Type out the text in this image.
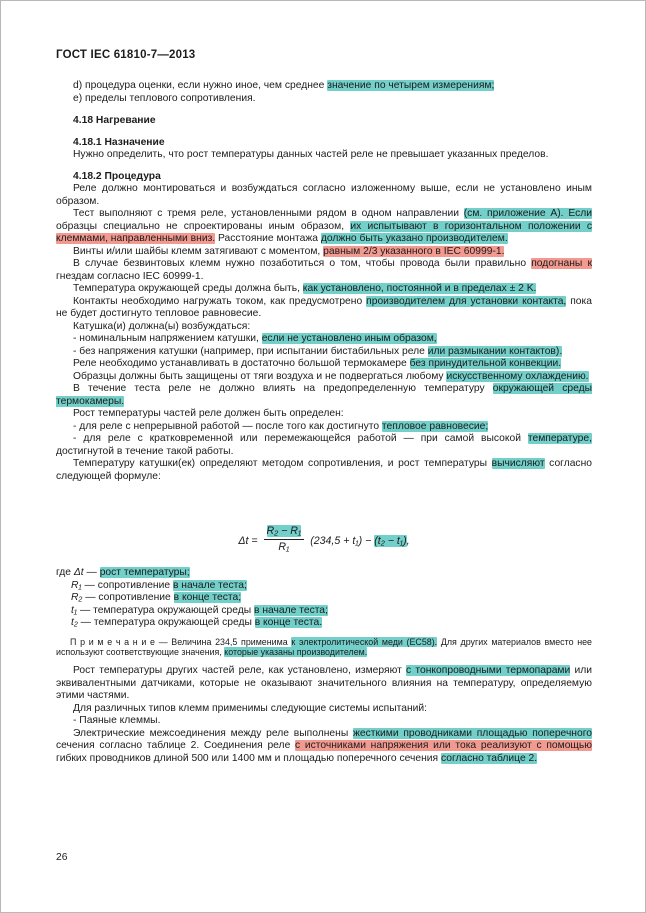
ГОСТ IEC 61810-7—2013

d) процедура оценки, если нужно иное, чем среднее значение по четырем измерениям;

е) пределы теплового сопротивления.

4.18 Нагревание

4.18.1 Назначение

Нужно определить, что рост температуры данных частей реле не превышает указанных пределов.

4.18.2 Процедура

Реле должно монтироваться и возбуждаться согласно изложенному выше, если не установлено иным образом.

Тест выполняют с тремя реле, установленными рядом в одном направлении (см. приложение А). Если образцы специально не спроектированы иным образом, их испытывают в горизонтальном положении с клеммами, направленными вниз. Расстояние монтажа должно быть указано производителем.

Винты и/или шайбы клемм затягивают с моментом, равным 2/3 указанного в IEC 60999-1.

В случае безвинтовых клемм нужно позаботиться о том, чтобы провода были правильно подогнаны к гнездам согласно IEC 60999-1.

Температура окружающей среды должна быть, как установлено, постоянной и в пределах ± 2 K.

Контакты необходимо нагружать током, как предусмотрено производителем для установки контакта, пока не будет достигнуто тепловое равновесие.

Катушка(и) должна(ы) возбуждаться:

- номинальным напряжением катушки, если не установлено иным образом,

- без напряжения катушки (например, при испытании бистабильных реле или размыкании контактов).

Реле необходимо устанавливать в достаточно большой термокамере без принудительной конвекции.

Образцы должны быть защищены от тяги воздуха и не подвергаться любому искусственному охлаждению.

В течение теста реле не должно влиять на предопределенную температуру окружающей среды термокамеры.

Рост температуры частей реле должен быть определен:

- для реле с непрерывной работой — после того как достигнуто тепловое равновесие;

- для реле с кратковременной или перемежающейся работой — при самой высокой температуре, достигнутой в течение такой работы.

Температуру катушки(ек) определяют методом сопротивления, и рост температуры вычисляют согласно следующей формуле:

$\Delta t = \frac{\text{R₂ − R₁}}{\text{R₁}} (234,5 + t_1) - (t_2 - t_1)$,

где Δt — рост температуры;

R₁ — сопротивление в начале теста;

R₂ — сопротивление в конце теста;

t₁ — температура окружающей среды в начале теста;

t₂ — температура окружающей среды в конце теста.

П р и м е ч а н и е — Величина 234,5 применима к электролитической меди (ЕС58). Для других материалов вместо нее используют соответствующие значения, которые указаны производителем.

Рост температуры других частей реле, как установлено, измеряют с тонкопроводными термопарами или эквивалентными датчиками, которые не оказывают значительного влияния на температуру, определяемую этими частями.

Для различных типов клемм применимы следующие системы испытаний:

- Паяные клеммы.

Электрические межсоединения между реле выполнены жесткими проводниками площадью поперечного сечения согласно таблице 2. Соединения реле с источниками напряжения или тока реализуют с помощью гибких проводников длиной 500 или 1400 мм и площадью поперечного сечения согласно таблице 2.

26
